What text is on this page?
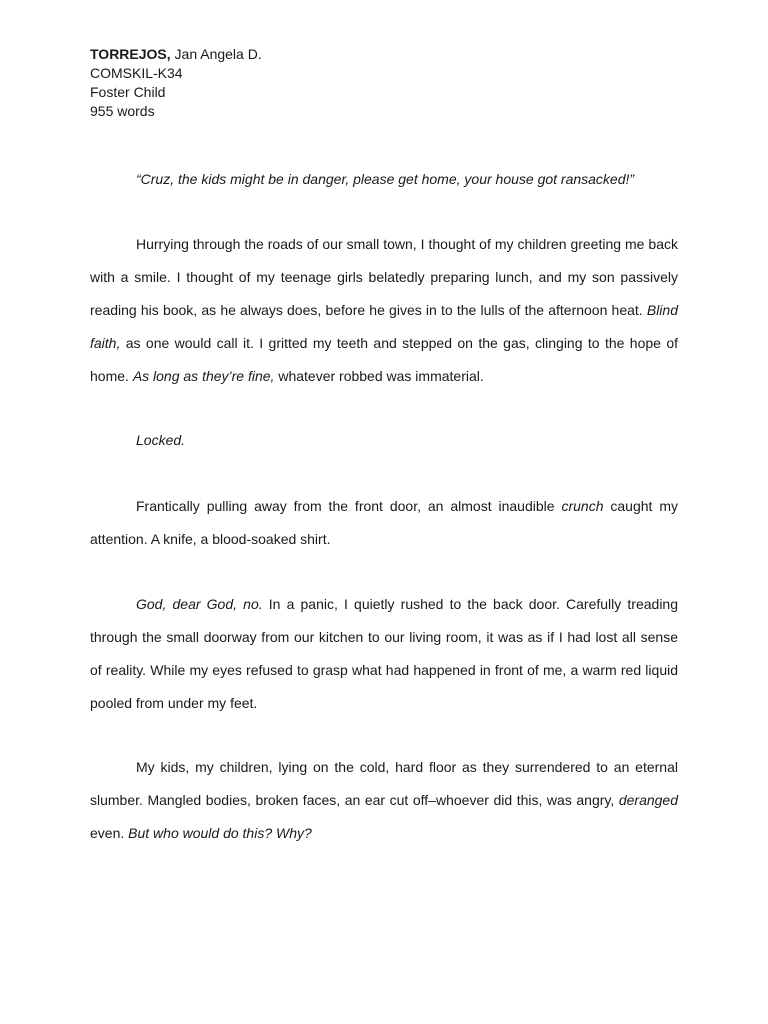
TORREJOS, Jan Angela D.
COMSKIL-K34
Foster Child
955 words

“Cruz, the kids might be in danger, please get home, your house got ransacked!”

Hurrying through the roads of our small town, I thought of my children greeting me back with a smile. I thought of my teenage girls belatedly preparing lunch, and my son passively reading his book, as he always does, before he gives in to the lulls of the afternoon heat. Blind faith, as one would call it. I gritted my teeth and stepped on the gas, clinging to the hope of home. As long as they’re fine, whatever robbed was immaterial.

Locked.

Frantically pulling away from the front door, an almost inaudible crunch caught my attention. A knife, a blood-soaked shirt.

God, dear God, no. In a panic, I quietly rushed to the back door. Carefully treading through the small doorway from our kitchen to our living room, it was as if I had lost all sense of reality. While my eyes refused to grasp what had happened in front of me, a warm red liquid pooled from under my feet.

My kids, my children, lying on the cold, hard floor as they surrendered to an eternal slumber. Mangled bodies, broken faces, an ear cut off–whoever did this, was angry, deranged even. But who would do this? Why?
